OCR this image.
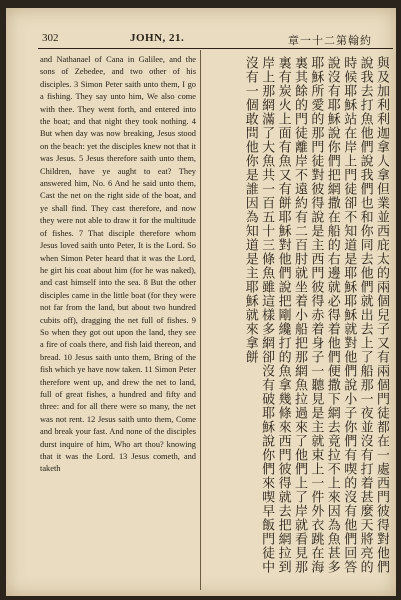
302	JOHN, 21.	章一十二第翰約

and Nathanael of Cana in Galilee, and the sons of Zebedee, and two other of his disciples. 3 Simon Peter saith unto them, I go a fishing. They say unto him, We also come with thee. They went forth, and entered into the boat; and that night they took nothing. 4 But when day was now breaking, Jesus stood on the beach: yet the disciples knew not that it was Jesus. 5 Jesus therefore saith unto them, Children, have ye aught to eat? They answered him, No. 6 And he said unto them, Cast the net on the right side of the boat, and ye shall find. They cast therefore, and now they were not able to draw it for the multitude of fishes. 7 That disciple therefore whom Jesus loved saith unto Peter, It is the Lord. So when Simon Peter heard that it was the Lord, he girt his coat about him (for he was naked), and cast himself into the sea. 8 But the other disciples came in the little boat (for they were not far from the land, but about two hundred cubits off), dragging the net full of fishes. 9 So when they got out upon the land, they see a fire of coals there, and fish laid thereon, and bread. 10 Jesus saith unto them, Bring of the fish which ye have now taken. 11 Simon Peter therefore went up, and drew the net to land, full of great fishes, a hundred and fifty and three: and for all there were so many, the net was not rent. 12 Jesus saith unto them, Come and break your fast. And none of the disciples durst inquire of him, Who art thou? knowing that it was the Lord. 13 Jesus cometh, and taketh	與及加利利迦拿人拿但業並西庇太的兩個兒子又有兩個門徒都在一處西門彼得對他們說我去打魚他們說我們也和你同去他們就出去上了船那一夜並沒有打着甚麼天將亮的時候耶穌站在岸上門徒卻不知道是耶穌耶穌就對他們說小子你們有喫的沒有他們回答說沒有耶穌說你們把網撒在船的右邊就必得着他們便撒下網去竟拉不上來因為魚甚多耶穌所愛的那門徒對彼得說是主西門彼得赤着身子一聽見是主就束上一件外衣跳在海裏其餘的門徒離岸不遠約有二百肘就坐着小船把那網魚拉過來了他們上了岸就看見那裏有炭火上面有魚又有餅耶穌對他們說把剛纔打的魚拿幾條來西門彼得就去把網拉到岸上那網滿了大魚共一百五十三條魚雖這樣多網卻沒有破耶穌說你們來喫早飯門徒中沒有一個敢問他你是誰因為知道是主耶穌就來拿餅
